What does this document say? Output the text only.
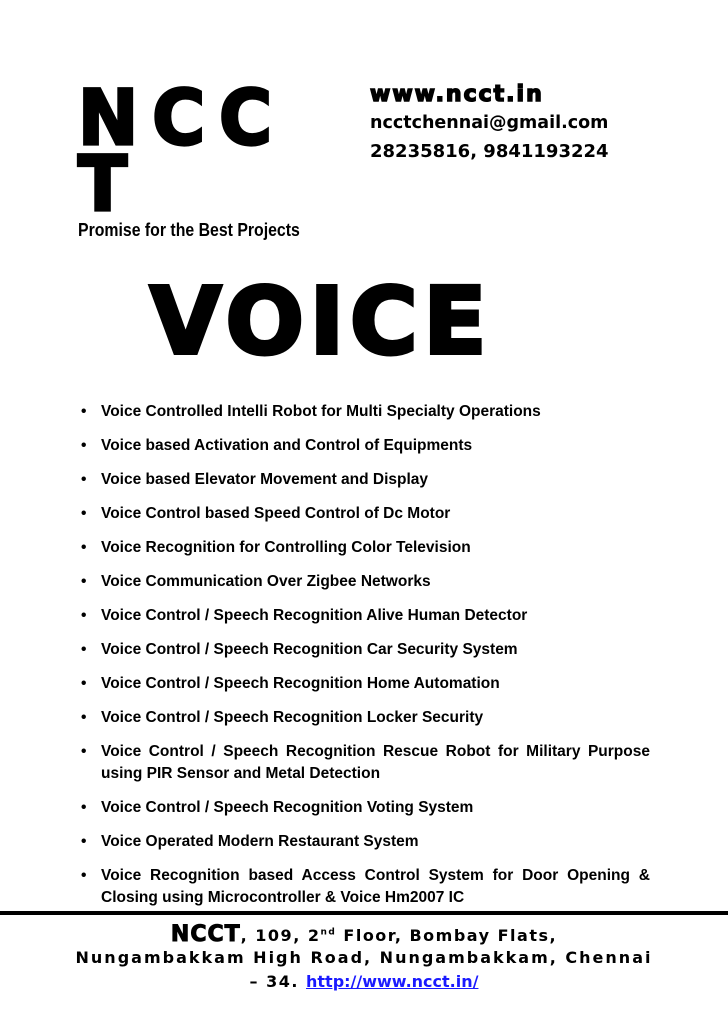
NCC
T
www.ncct.in
ncctchennai@gmail.com
28235816, 9841193224
Promise for the Best Projects
VOICE
• Voice Controlled Intelli Robot for Multi Specialty Operations
• Voice based Activation and Control of Equipments
• Voice based Elevator Movement and Display
• Voice Control based Speed Control of Dc Motor
• Voice Recognition for Controlling Color Television
• Voice Communication Over Zigbee Networks
• Voice Control / Speech Recognition Alive Human Detector
• Voice Control / Speech Recognition Car Security System
• Voice Control / Speech Recognition Home Automation
• Voice Control / Speech Recognition Locker Security
• Voice Control / Speech Recognition Rescue Robot for Military Purpose using PIR Sensor and Metal Detection
• Voice Control / Speech Recognition Voting System
• Voice Operated Modern Restaurant System
• Voice Recognition based Access Control System for Door Opening & Closing using Microcontroller & Voice Hm2007 IC
NCCT, 109, 2nd Floor, Bombay Flats,
Nungambakkam High Road, Nungambakkam, Chennai
– 34. http://www.ncct.in/
